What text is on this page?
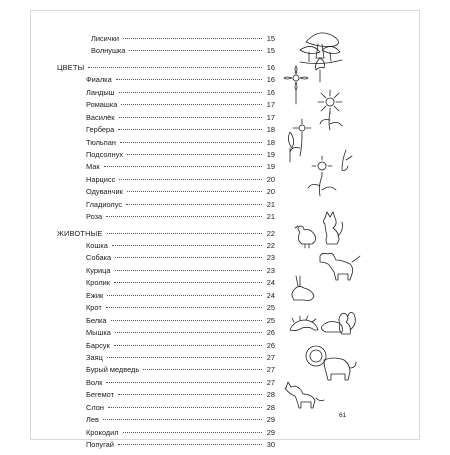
Лисички	15
Волнушка	15
ЦВЕТЫ	16
Фиалка	16
Ландыш	16
Ромашка	17
Василёк	17
Гербера	18
Тюльпан	18
Подсолнух	19
Мак	19
Нарцисс	20
Одуванчик	20
Гладиолус	21
Роза	21
ЖИВОТНЫЕ	22
Кошка	22
Собака	23
Курица	23
Кролик	24
Ежик	24
Крот	25
Белка	25
Мышка	26
Барсук	26
Заяц	27
Бурый медведь	27
Волк	27
Бегемот	28
Слон	28
Лев	29
Крокодил	29
Попугай	30
61
